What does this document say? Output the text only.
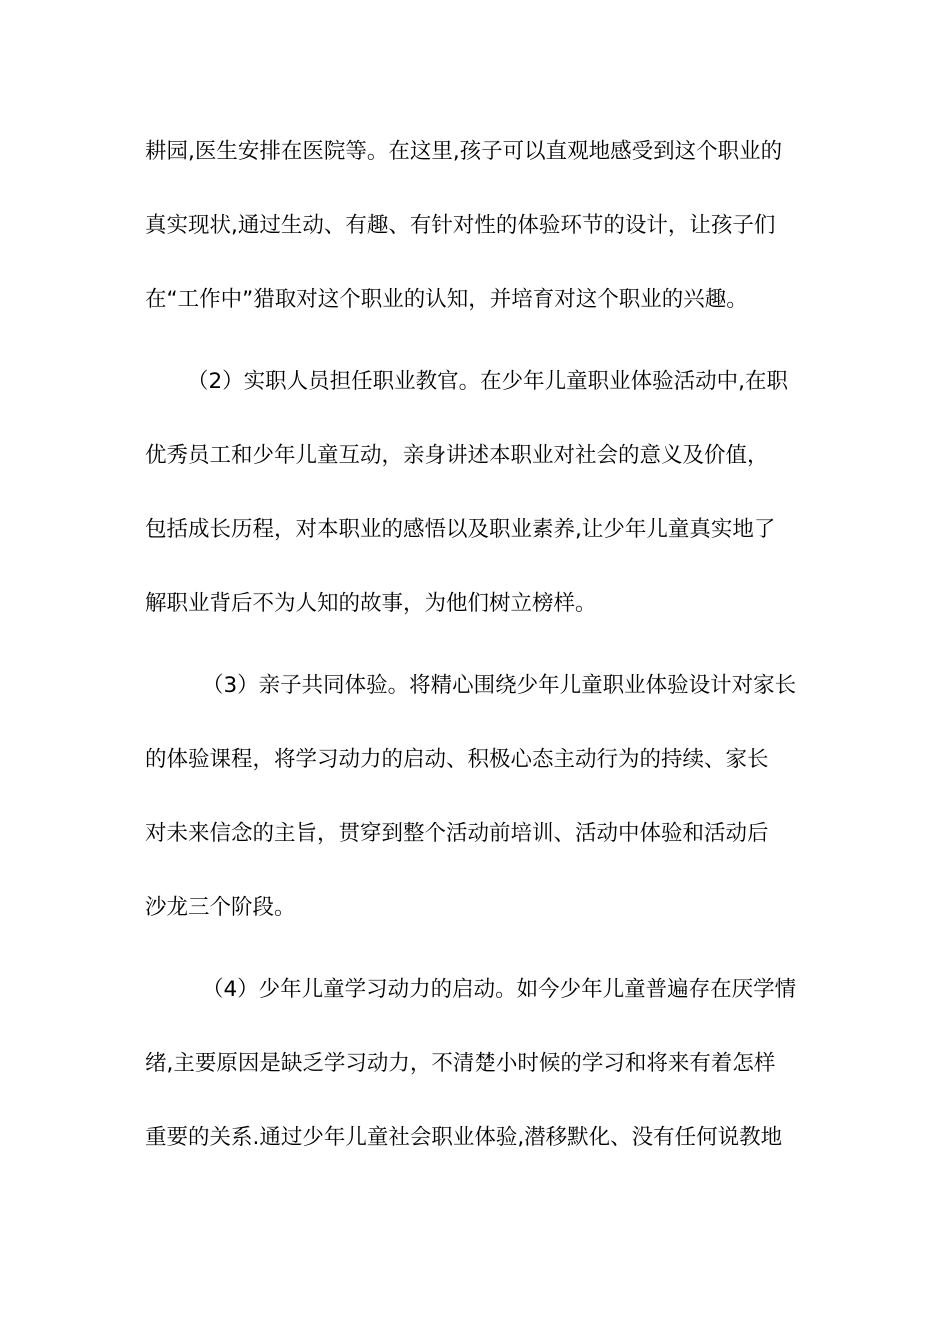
耕园,医生安排在医院等。在这里,孩子可以直观地感受到这个职业的
真实现状,通过生动、有趣、有针对性的体验环节的设计，让孩子们
在“工作中”猎取对这个职业的认知，并培育对这个职业的兴趣。
（2）实职人员担任职业教官。在少年儿童职业体验活动中,在职
优秀员工和少年儿童互动，亲身讲述本职业对社会的意义及价值，
包括成长历程，对本职业的感悟以及职业素养,让少年儿童真实地了
解职业背后不为人知的故事，为他们树立榜样。
（3）亲子共同体验。将精心围绕少年儿童职业体验设计对家长
的体验课程，将学习动力的启动、积极心态主动行为的持续、家长
对未来信念的主旨，贯穿到整个活动前培训、活动中体验和活动后
沙龙三个阶段。
（4）少年儿童学习动力的启动。如今少年儿童普遍存在厌学情
绪,主要原因是缺乏学习动力，不清楚小时候的学习和将来有着怎样
重要的关系.通过少年儿童社会职业体验,潜移默化、没有任何说教地
